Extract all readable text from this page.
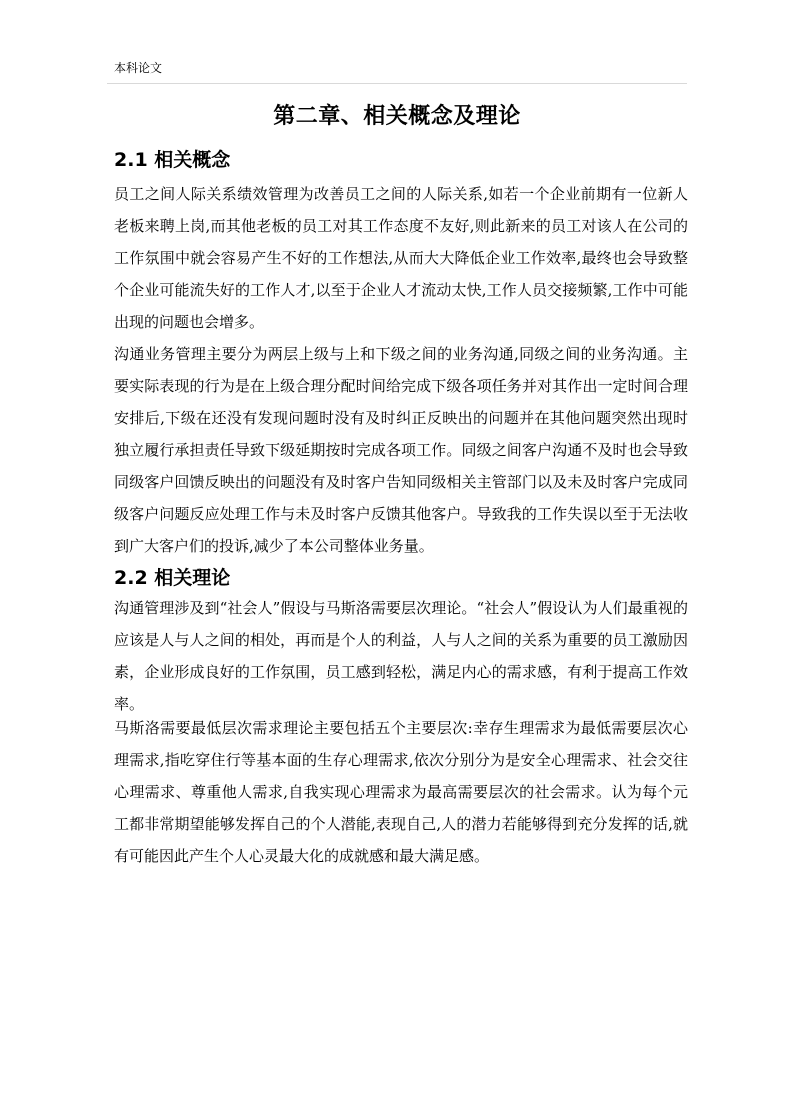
本科论文
第二章、相关概念及理论
2.1 相关概念
员工之间人际关系绩效管理为改善员工之间的人际关系,如若一个企业前期有一位新人老板来聘上岗,而其他老板的员工对其工作态度不友好,则此新来的员工对该人在公司的工作氛围中就会容易产生不好的工作想法,从而大大降低企业工作效率,最终也会导致整个企业可能流失好的工作人才,以至于企业人才流动太快,工作人员交接频繁,工作中可能出现的问题也会增多。
沟通业务管理主要分为两层上级与上和下级之间的业务沟通,同级之间的业务沟通。主要实际表现的行为是在上级合理分配时间给完成下级各项任务并对其作出一定时间合理安排后,下级在还没有发现问题时没有及时纠正反映出的问题并在其他问题突然出现时独立履行承担责任导致下级延期按时完成各项工作。同级之间客户沟通不及时也会导致同级客户回馈反映出的问题没有及时客户告知同级相关主管部门以及未及时客户完成同级客户问题反应处理工作与未及时客户反馈其他客户。导致我的工作失误以至于无法收到广大客户们的投诉,减少了本公司整体业务量。
2.2 相关理论
沟通管理涉及到“社会人”假设与马斯洛需要层次理论。“社会人”假设认为人们最重视的应该是人与人之间的相处，再而是个人的利益，人与人之间的关系为重要的员工激励因素，企业形成良好的工作氛围，员工感到轻松，满足内心的需求感，有利于提高工作效率。
马斯洛需要最低层次需求理论主要包括五个主要层次:幸存生理需求为最低需要层次心理需求,指吃穿住行等基本面的生存心理需求,依次分别分为是安全心理需求、社会交往心理需求、尊重他人需求,自我实现心理需求为最高需要层次的社会需求。认为每个元工都非常期望能够发挥自己的个人潜能,表现自己,人的潜力若能够得到充分发挥的话,就有可能因此产生个人心灵最大化的成就感和最大满足感。
